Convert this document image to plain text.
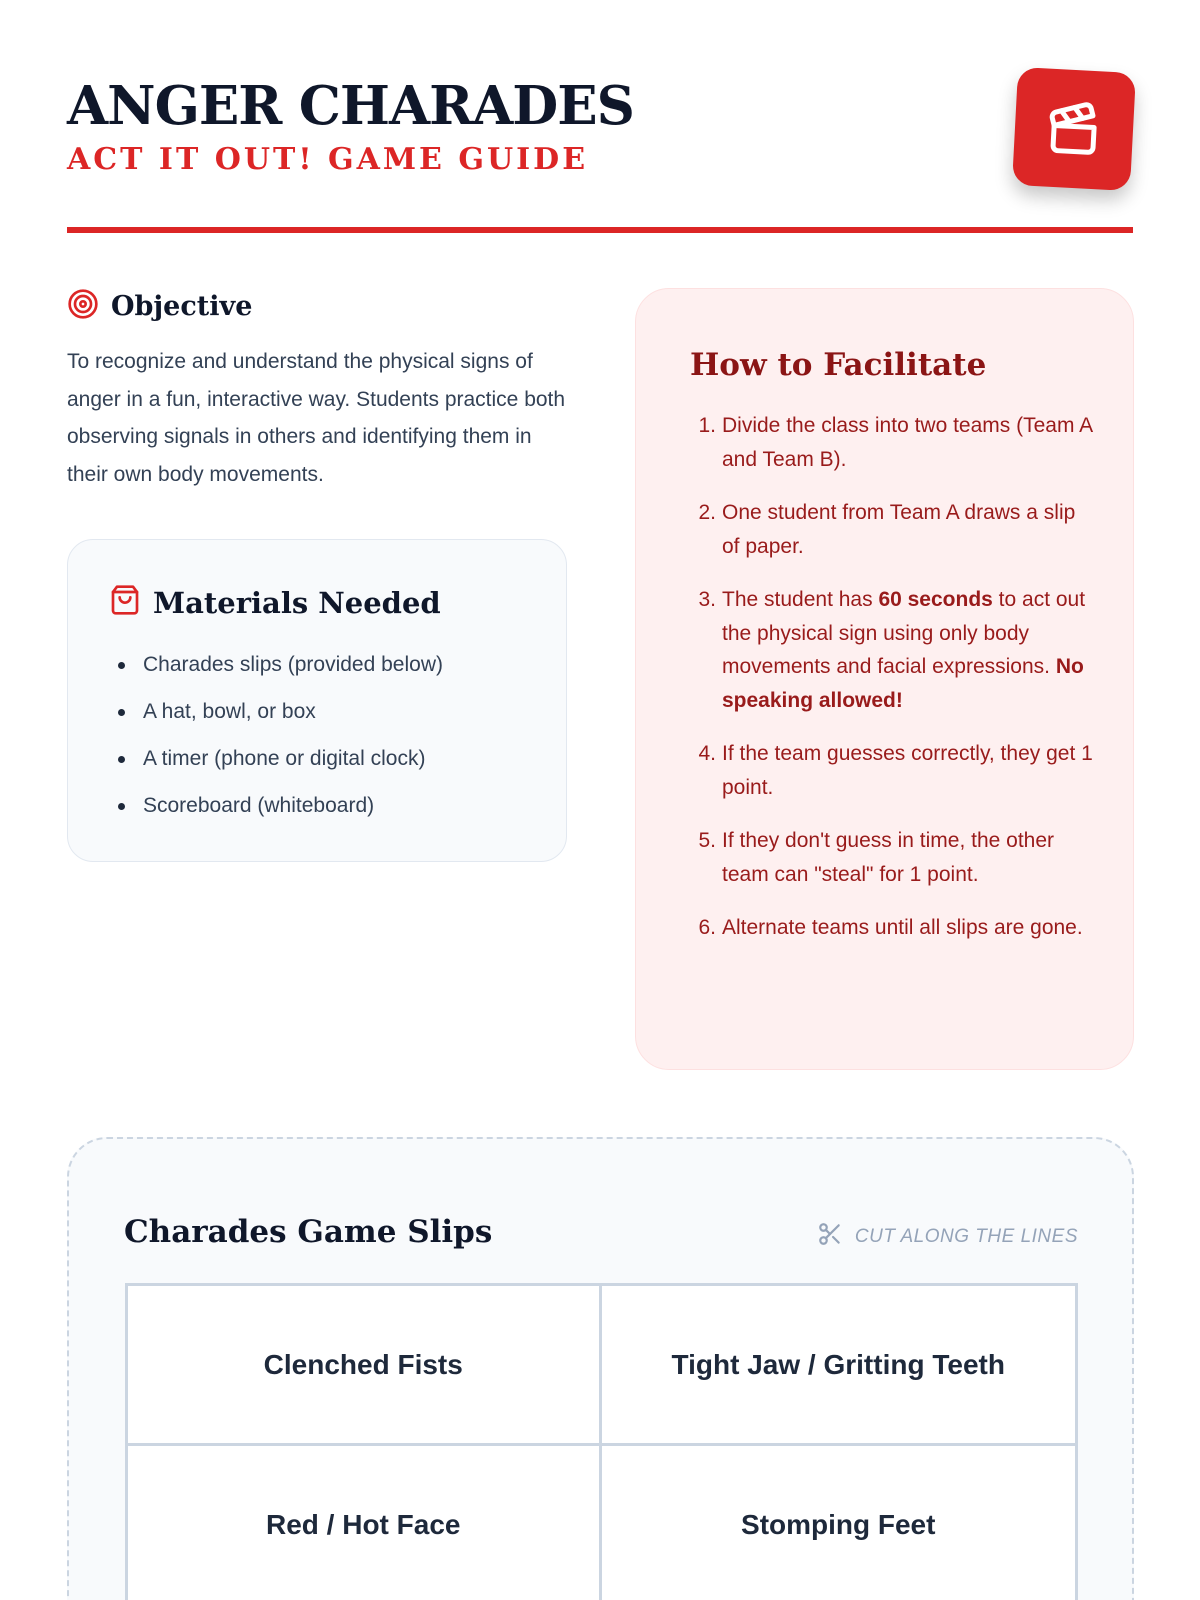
ANGER CHARADES
ACT IT OUT! GAME GUIDE
Objective

To recognize and understand the physical signs of anger in a fun, interactive way. Students practice both observing signals in others and identifying them in their own body movements.

Materials Needed
Charades slips (provided below)
A hat, bowl, or box
A timer (phone or digital clock)
Scoreboard (whiteboard)
How to Facilitate
1. Divide the class into two teams (Team A and Team B).
2. One student from Team A draws a slip of paper.
3. The student has 60 seconds to act out the physical sign using only body movements and facial expressions. No speaking allowed!
4. If the team guesses correctly, they get 1 point.
5. If they don't guess in time, the other team can "steal" for 1 point.
6. Alternate teams until all slips are gone.
Charades Game Slips	CUT ALONG THE LINES
Clenched Fists	Tight Jaw / Gritting Teeth
Red / Hot Face	Stomping Feet
